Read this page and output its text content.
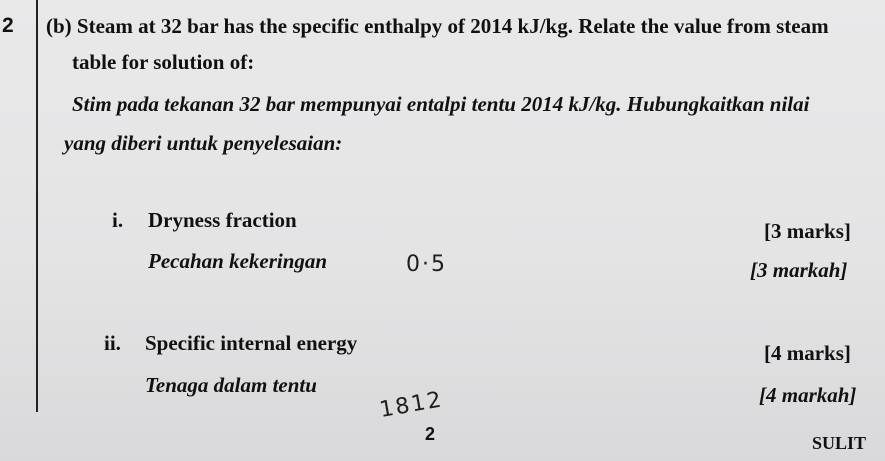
2 (b) Steam at 32 bar has the specific enthalpy of 2014 kJ/kg. Relate the value from steam
table for solution of:
Stim pada tekanan 32 bar mempunyai entalpi tentu 2014 kJ/kg. Hubungkaitkan nilai
yang diberi untuk penyelesaian:
i. Dryness fraction	[3 marks]
Pecahan kekeringan	0·5	[3 markah]
ii. Specific internal energy	[4 marks]
Tenaga dalam tentu
1812	[4 markah]
2	SULIT
